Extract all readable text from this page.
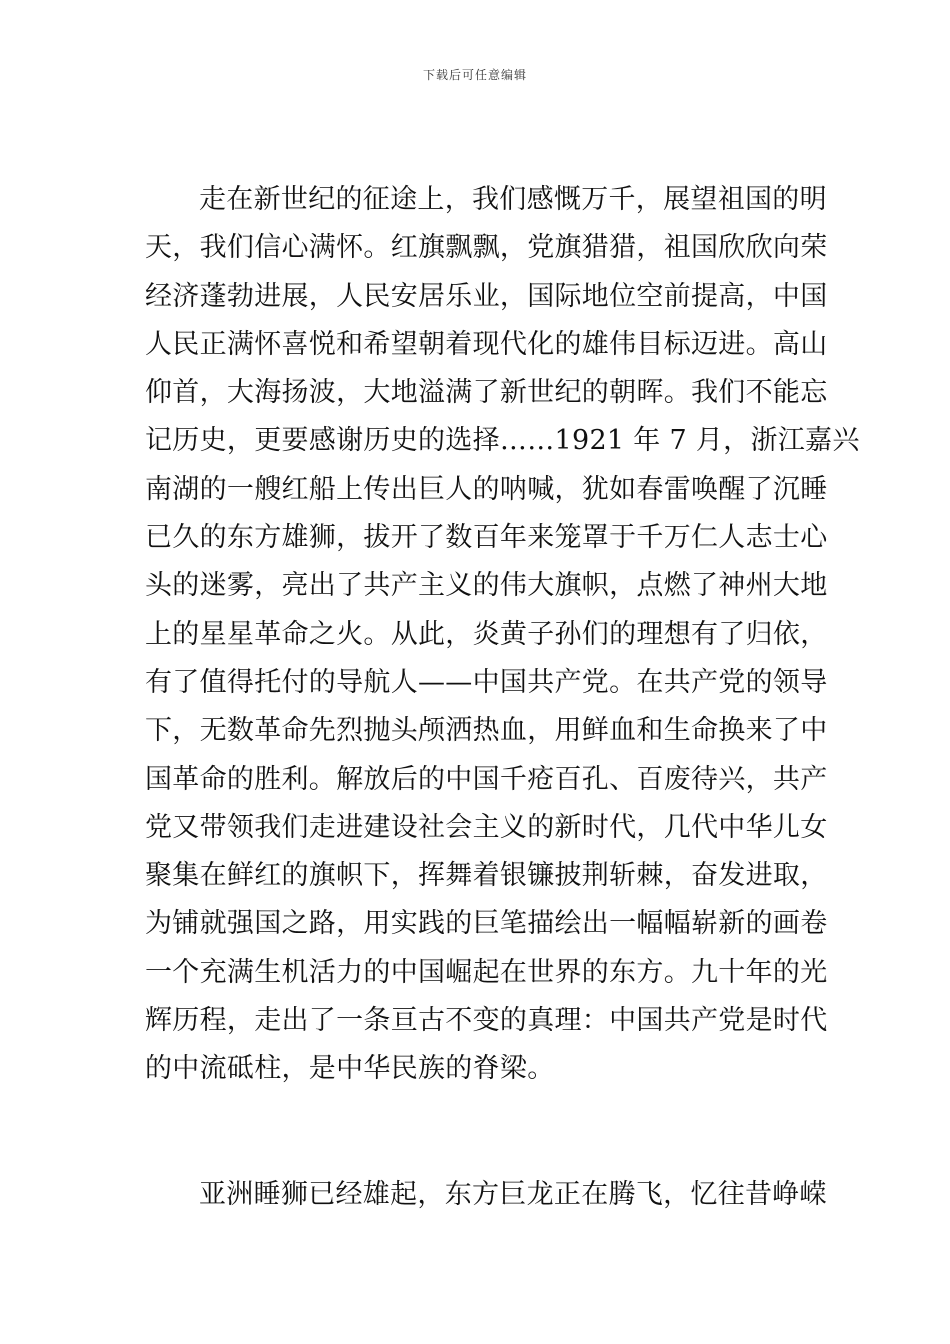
下载后可任意编辑
走在新世纪的征途上，我们感慨万千，展望祖国的明
天，我们信心满怀。红旗飘飘，党旗猎猎，祖国欣欣向荣
经济蓬勃进展，人民安居乐业，国际地位空前提高，中国
人民正满怀喜悦和希望朝着现代化的雄伟目标迈进。高山
仰首，大海扬波，大地溢满了新世纪的朝晖。我们不能忘
记历史，更要感谢历史的选择……1921 年 7 月，浙江嘉兴
南湖的一艘红船上传出巨人的呐喊，犹如春雷唤醒了沉睡
已久的东方雄狮，拔开了数百年来笼罩于千万仁人志士心
头的迷雾，亮出了共产主义的伟大旗帜，点燃了神州大地
上的星星革命之火。从此，炎黄子孙们的理想有了归依，
有了值得托付的导航人——中国共产党。在共产党的领导
下，无数革命先烈抛头颅洒热血，用鲜血和生命换来了中
国革命的胜利。解放后的中国千疮百孔、百废待兴，共产
党又带领我们走进建设社会主义的新时代，几代中华儿女
聚集在鲜红的旗帜下，挥舞着银镰披荆斩棘，奋发进取，
为铺就强国之路，用实践的巨笔描绘出一幅幅崭新的画卷
一个充满生机活力的中国崛起在世界的东方。九十年的光
辉历程，走出了一条亘古不变的真理：中国共产党是时代
的中流砥柱，是中华民族的脊梁。
亚洲睡狮已经雄起，东方巨龙正在腾飞，忆往昔峥嵘
